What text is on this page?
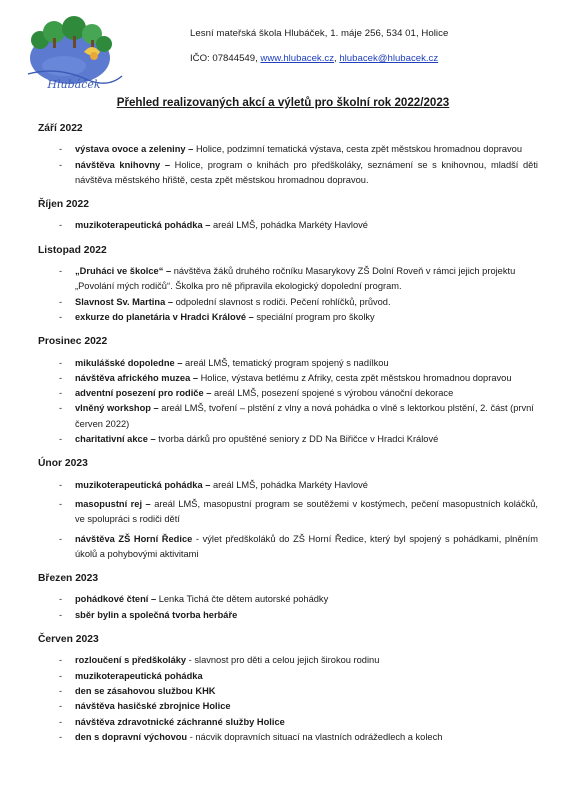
Hlubáček
Lesní mateřská škola Hlubáček, 1. máje 256, 534 01, Holice
IČO: 07844549, www.hlubacek.cz, hlubacek@hlubacek.cz
Přehled realizovaných akcí a výletů pro školní rok 2022/2023

Září 2022

- výstava ovoce a zeleniny – Holice, podzimní tematická výstava, cesta zpět městskou hromadnou dopravou
- návštěva knihovny – Holice, program o knihách pro předškoláky, seznámení se s knihovnou, mladší děti návštěva městského hřiště, cesta zpět městskou hromadnou dopravou.

Říjen 2022

- muzikoterapeutická pohádka – areál LMŠ, pohádka Markéty Havlové

Listopad 2022

- „Druháci ve školce“ – návštěva žáků druhého ročníku Masarykovy ZŠ Dolní Roveň v rámci jejich projektu „Povolání mých rodičů“. Školka pro ně připravila ekologický dopolední program.
- Slavnost Sv. Martina – odpolední slavnost s rodiči. Pečení rohlíčků, průvod.
- exkurze do planetária v Hradci Králové – speciální program pro školky

Prosinec 2022

- mikulášské dopoledne – areál LMŠ, tematický program spojený s nadílkou
- návštěva afrického muzea – Holice, výstava betlému z Afriky, cesta zpět městskou hromadnou dopravou
- adventní posezení pro rodiče – areál LMŠ, posezení spojené s výrobou vánoční dekorace
- vlněný workshop – areál LMŠ, tvoření – plstění z vlny a nová pohádka o vlně s lektorkou plstění, 2. část (první červen 2022)
- charitativní akce – tvorba dárků pro opuštěné seniory z DD Na Biřičce v Hradci Králové

Únor 2023

- muzikoterapeutická pohádka – areál LMŠ, pohádka Markéty Havlové
- masopustní rej – areál LMŠ, masopustní program se soutěžemi v kostýmech, pečení masopustních koláčků, ve spolupráci s rodiči dětí
- návštěva ZŠ Horní Ředice - výlet předškoláků do ZŠ Horní Ředice, který byl spojený s pohádkami, plněním úkolů a pohybovými aktivitami

Březen 2023

- pohádkové čtení – Lenka Tichá čte dětem autorské pohádky
- sběr bylin a společná tvorba herbáře

Červen 2023

- rozloučení s předškoláky - slavnost pro děti a celou jejich širokou rodinu
- muzikoterapeutická pohádka
- den se zásahovou službou KHK
- návštěva hasičské zbrojnice Holice
- návštěva zdravotnické záchranné služby Holice
- den s dopravní výchovou - nácvik dopravních situací na vlastních odrážedlech a kolech
